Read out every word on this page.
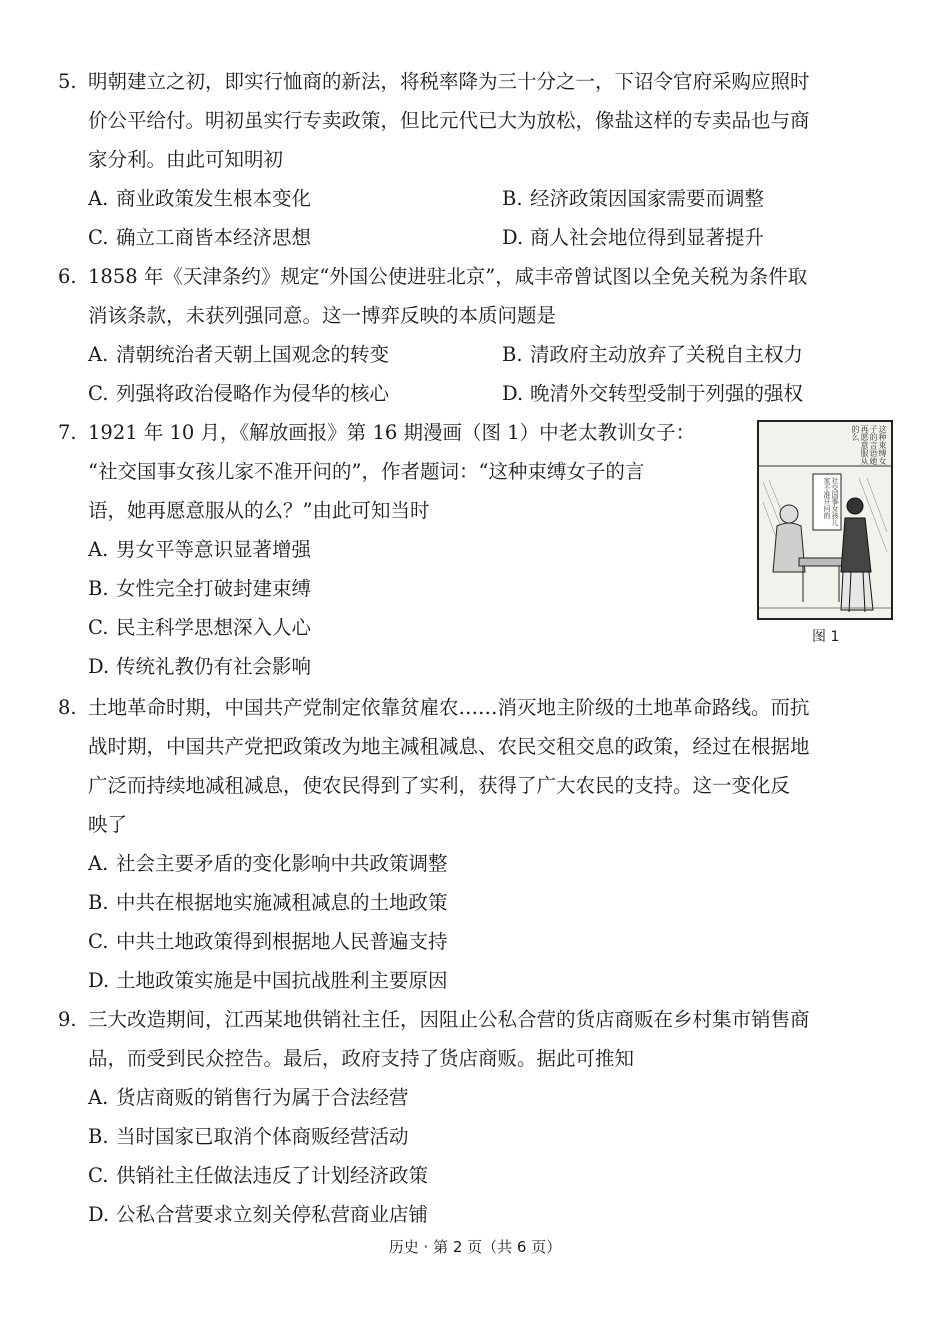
5. 明朝建立之初，即实行恤商的新法，将税率降为三十分之一，下诏令官府采购应照时
价公平给付。明初虽实行专卖政策，但比元代已大为放松，像盐这样的专卖品也与商
家分利。由此可知明初
A. 商业政策发生根本变化	B. 经济政策因国家需要而调整
C. 确立工商皆本经济思想	D. 商人社会地位得到显著提升
6. 1858 年《天津条约》规定“外国公使进驻北京”，咸丰帝曾试图以全免关税为条件取
消该条款，未获列强同意。这一博弈反映的本质问题是
A. 清朝统治者天朝上国观念的转变	B. 清政府主动放弃了关税自主权力
C. 列强将政治侵略作为侵华的核心	D. 晚清外交转型受制于列强的强权
7. 1921 年 10 月，《解放画报》第 16 期漫画（图 1）中老太教训女子：
“社交国事女孩儿家不准开问的”，作者题词：“这种束缚女子的言
语，她再愿意服从的么？”由此可知当时
A. 男女平等意识显著增强
B. 女性完全打破封建束缚
C. 民主科学思想深入人心
D. 传统礼教仍有社会影响
这种束缚女子的言语她再愿意服从的么
社交国事女孩儿家不准开问的
图 1
8. 土地革命时期，中国共产党制定依靠贫雇农……消灭地主阶级的土地革命路线。而抗
战时期，中国共产党把政策改为地主减租减息、农民交租交息的政策，经过在根据地
广泛而持续地减租减息，使农民得到了实利，获得了广大农民的支持。这一变化反
映了
A. 社会主要矛盾的变化影响中共政策调整
B. 中共在根据地实施减租减息的土地政策
C. 中共土地政策得到根据地人民普遍支持
D. 土地政策实施是中国抗战胜利主要原因
9. 三大改造期间，江西某地供销社主任，因阻止公私合营的货店商贩在乡村集市销售商
品，而受到民众控告。最后，政府支持了货店商贩。据此可推知
A. 货店商贩的销售行为属于合法经营
B. 当时国家已取消个体商贩经营活动
C. 供销社主任做法违反了计划经济政策
D. 公私合营要求立刻关停私营商业店铺
历史 · 第 2 页（共 6 页）
